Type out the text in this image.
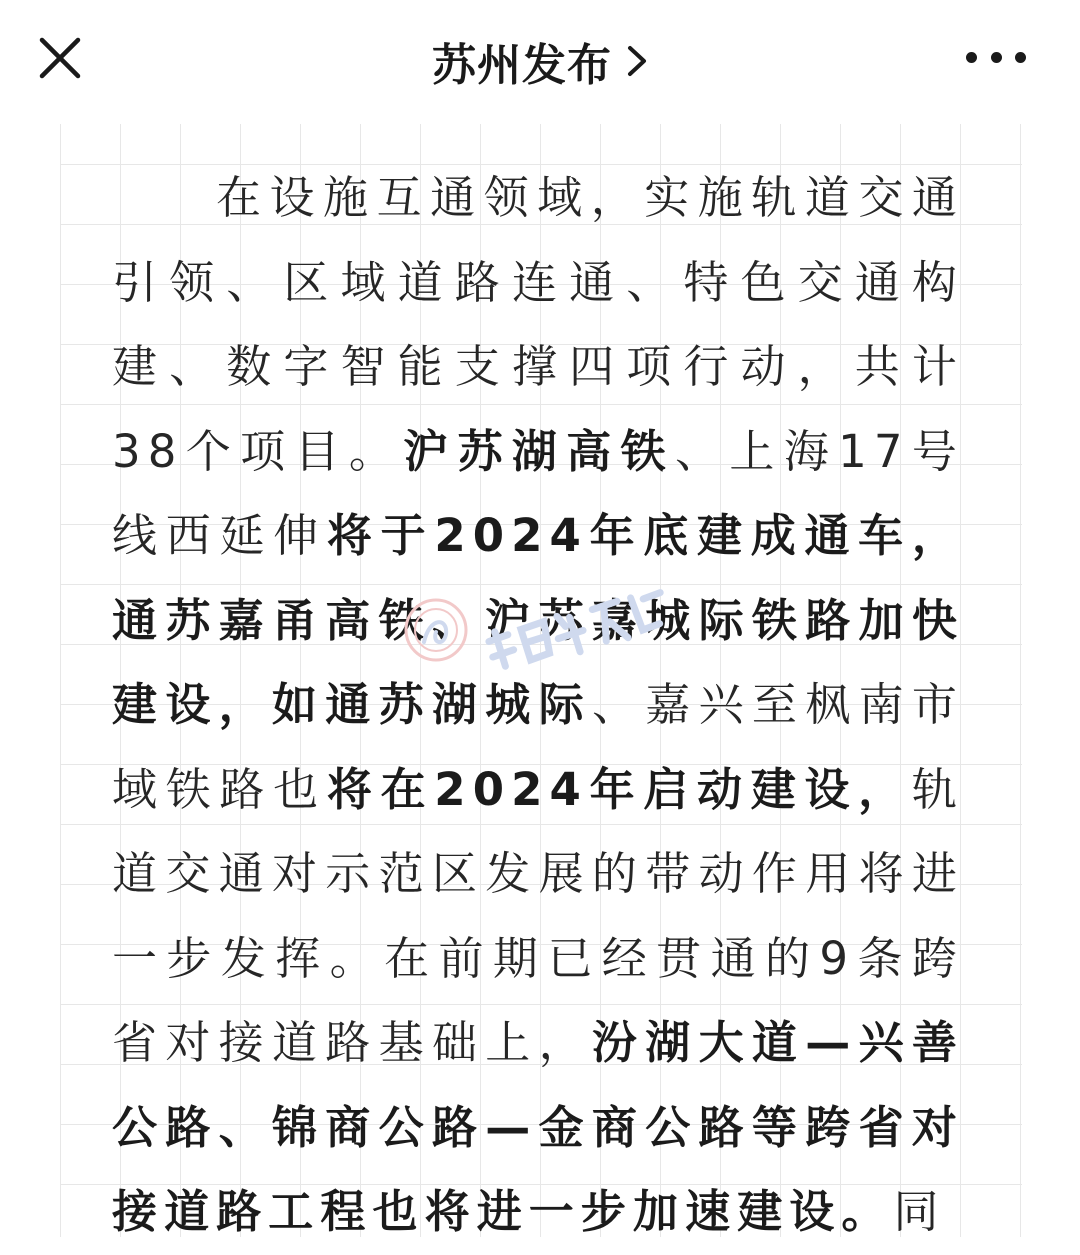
苏州发布
在设施互通领域，实施轨道交通引领、区域道路连通、特色交通构建、数字智能支撑四项行动，共计38个项目。沪苏湖高铁、上海17号线西延伸将于2024年底建成通车，通苏嘉甬高铁、沪苏嘉城际铁路加快建设，如通苏湖城际、嘉兴至枫南市域铁路也将在2024年启动建设，轨道交通对示范区发展的带动作用将进一步发挥。在前期已经贯通的9条跨省对接道路基础上，汾湖大道—兴善公路、锦商公路—金商公路等跨省对接道路工程也将进一步加速建设。同
